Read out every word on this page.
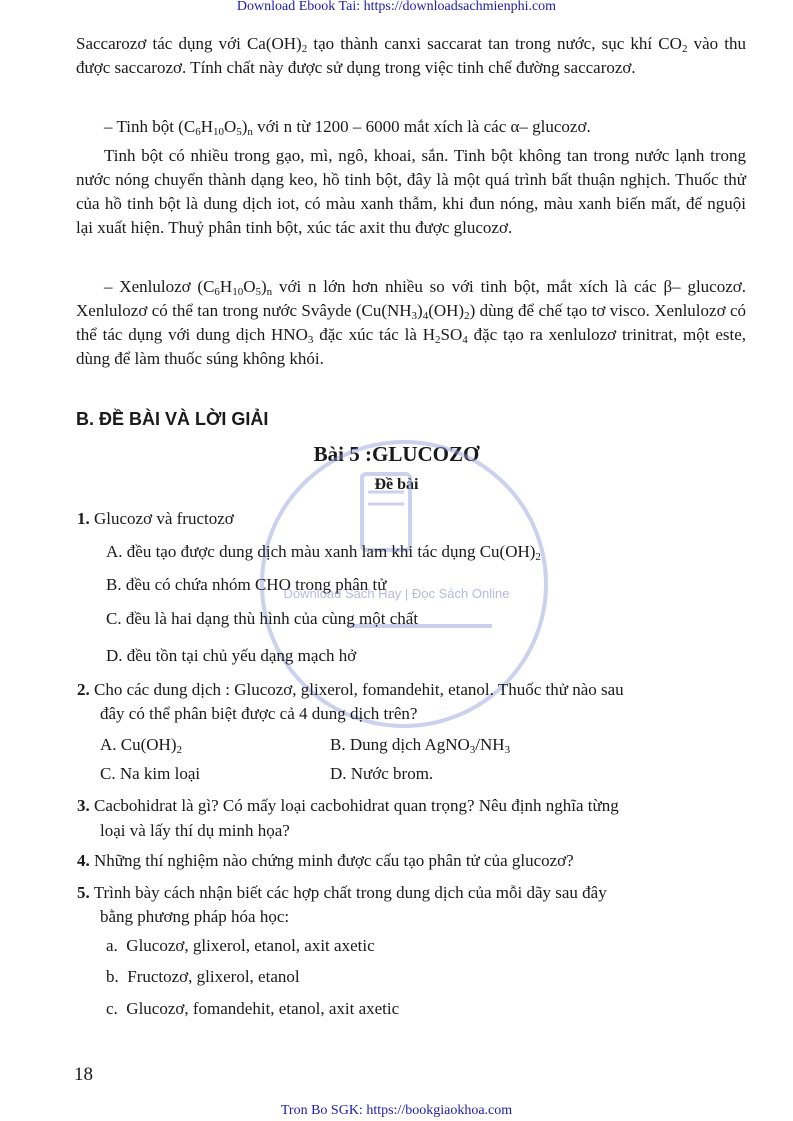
Download Ebook Tai: https://downloadsachmienphi.com
Saccarozơ tác dụng với $Ca(OH)_2$ tạo thành canxi saccarat tan trong nước, sục khí $CO_2$ vào thu được saccarozơ. Tính chất này được sử dụng trong việc tinh chế đường saccarozơ.
– Tinh bột $(C_6H_{10}O_5)_n$ với n từ 1200 – 6000 mắt xích là các α– glucozơ.
Tinh bột có nhiều trong gạo, mì, ngô, khoai, sắn. Tinh bột không tan trong nước lạnh trong nước nóng chuyển thành dạng keo, hồ tinh bột, đây là một quá trình bất thuận nghịch. Thuốc thử của hồ tinh bột là dung dịch iot, có màu xanh thẫm, khi đun nóng, màu xanh biến mất, để nguội lại xuất hiện. Thuỷ phân tinh bột, xúc tác axit thu được glucozơ.
– Xenlulozơ $(C_6H_{10}O_5)_n$ với n lớn hơn nhiều so với tinh bột, mắt xích là các β– glucozơ. Xenlulozơ có thể tan trong nước Svâyde $(Cu(NH_3)_4(OH)_2)$ dùng để chế tạo tơ visco. Xenlulozơ có thể tác dụng với dung dịch $HNO_3$ đặc xúc tác là $H_2SO_4$ đặc tạo ra xenlulozơ trinitrat, một este, dùng để làm thuốc súng không khói.
B. ĐỀ BÀI VÀ LỜI GIẢI
Bài 5 :GLUCOZƠ
Đề bài
Download Sách Hay | Đọc Sách Online
1. Glucozơ và fructozơ
A. đều tạo được dung dịch màu xanh lam khi tác dụng $Cu(OH)_2$
B. đều có chứa nhóm CHO trong phân tử
C. đều là hai dạng thù hình của cùng một chất
D. đều tồn tại chủ yếu dạng mạch hở
2. Cho các dung dịch : Glucozơ, glixerol, fomandehit, etanol. Thuốc thử nào sau
đây có thể phân biệt được cả 4 dung dịch trên?
A. $Cu(OH)_2$	B. Dung dịch $AgNO_3/NH_3$
C. Na kim loại	D. Nước brom.
3. Cacbohidrat là gì? Có mấy loại cacbohidrat quan trọng? Nêu định nghĩa từng
loại và lấy thí dụ minh họa?
4. Những thí nghiệm nào chứng minh được cấu tạo phân tử của glucozơ?
5. Trình bày cách nhận biết các hợp chất trong dung dịch của mỗi dãy sau đây
bằng phương pháp hóa học:
a. Glucozơ, glixerol, etanol, axit axetic
b. Fructozơ, glixerol, etanol
c. Glucozơ, fomandehit, etanol, axit axetic
18
Tron Bo SGK: https://bookgiaokhoa.com
